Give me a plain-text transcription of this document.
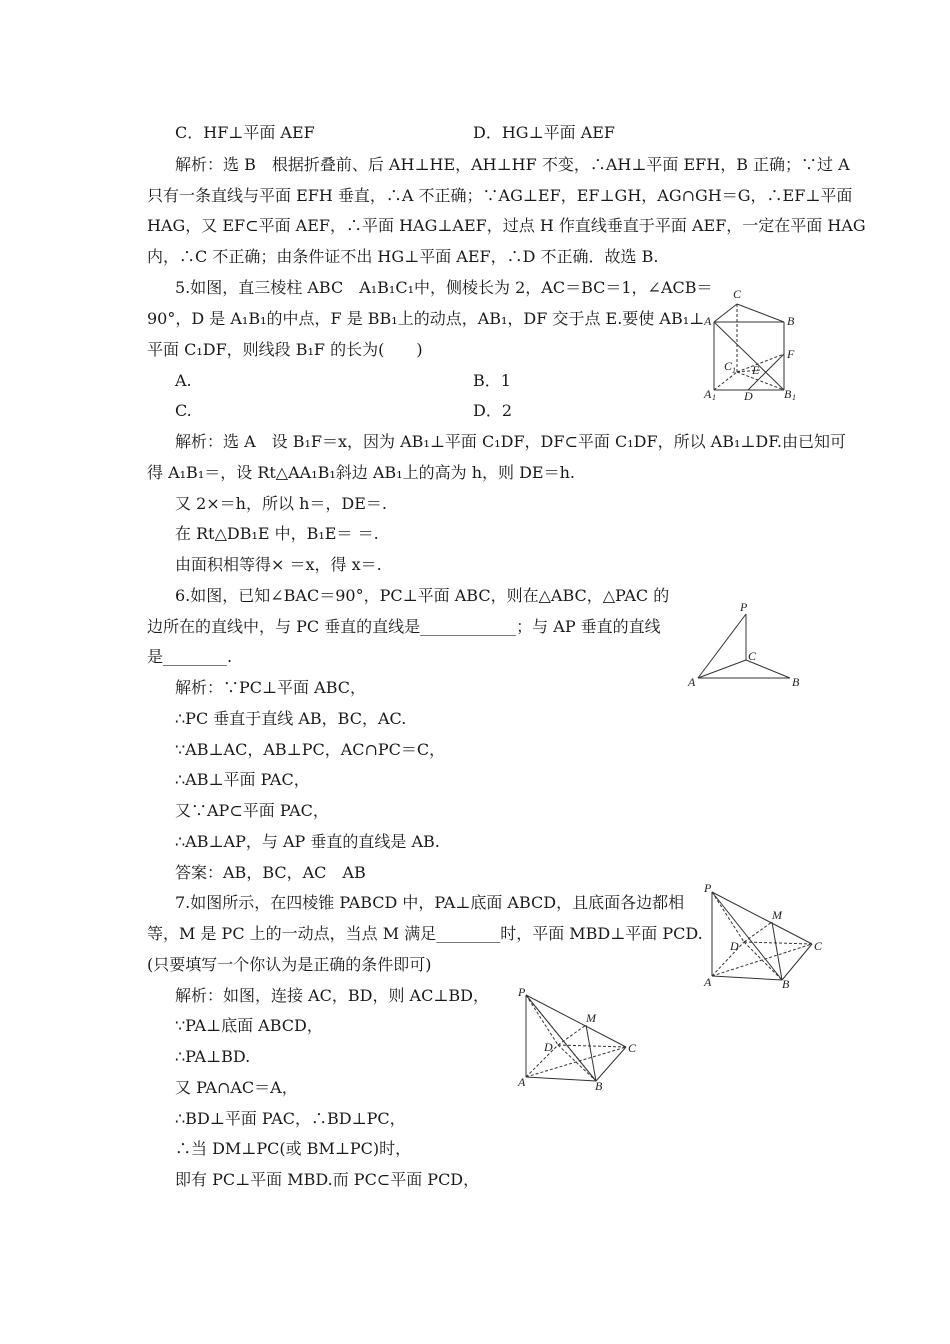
C．HF⊥平面 AEF	D．HG⊥平面 AEF
解析：选 B　根据折叠前、后 AH⊥HE，AH⊥HF 不变，∴AH⊥平面 EFH，B 正确；∵过 A
只有一条直线与平面 EFH 垂直，∴A 不正确；∵AG⊥EF，EF⊥GH，AG∩GH＝G，∴EF⊥平面
HAG，又 EF⊂平面 AEF，∴平面 HAG⊥AEF，过点 H 作直线垂直于平面 AEF，一定在平面 HAG
内，∴C 不正确；由条件证不出 HG⊥平面 AEF，∴D 不正确．故选 B.
5.如图，直三棱柱 ABC　A₁B₁C₁中，侧棱长为 2，AC＝BC＝1，∠ACB＝
90°，D 是 A₁B₁的中点，F 是 BB₁上的动点，AB₁，DF 交于点 E.要使 AB₁⊥
平面 C₁DF，则线段 B₁F 的长为(　　)
A.	B．1
C.	D．2
解析：选 A　设 B₁F＝x，因为 AB₁⊥平面 C₁DF，DF⊂平面 C₁DF，所以 AB₁⊥DF.由已知可
得 A₁B₁＝，设 Rt△AA₁B₁斜边 AB₁上的高为 h，则 DE＝h.
又 2×＝h，所以 h＝，DE＝.
在 Rt△DB₁E 中，B₁E＝ ＝.
由面积相等得× ＝x，得 x＝.
6.如图，已知∠BAC＝90°，PC⊥平面 ABC，则在△ABC，△PAC 的
边所在的直线中，与 PC 垂直的直线是____________；与 AP 垂直的直线
是________.
解析：∵PC⊥平面 ABC，
∴PC 垂直于直线 AB，BC，AC.
∵AB⊥AC，AB⊥PC，AC∩PC＝C，
∴AB⊥平面 PAC，
又∵AP⊂平面 PAC，
∴AB⊥AP，与 AP 垂直的直线是 AB.
答案：AB，BC，AC　AB
7.如图所示，在四棱锥 PABCD 中，PA⊥底面 ABCD，且底面各边都相
等，M 是 PC 上的一动点，当点 M 满足________时，平面 MBD⊥平面 PCD.
(只要填写一个你认为是正确的条件即可)
解析：如图，连接 AC，BD，则 AC⊥BD，
∵PA⊥底面 ABCD，
∴PA⊥BD.
又 PA∩AC＝A，
∴BD⊥平面 PAC，∴BD⊥PC，
∴当 DM⊥PC(或 BM⊥PC)时，
即有 PC⊥平面 MBD.而 PC⊂平面 PCD，
C
A	B
F
C 1 E
A 1 D	B 1
P
C
A	B
P
M
D	C
A	B
P
M
D	C
A	B
